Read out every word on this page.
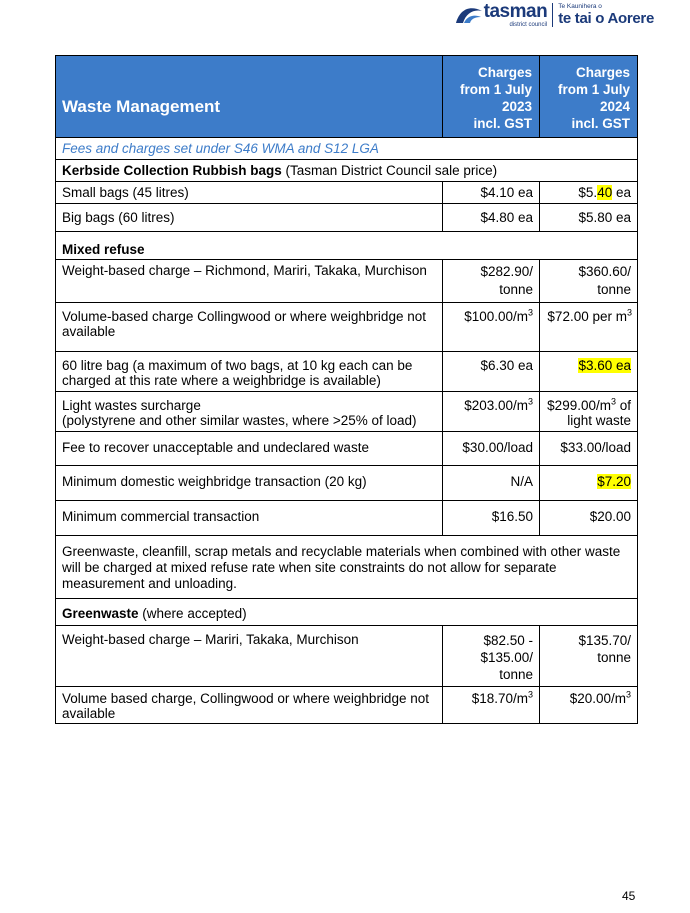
tasman
district council
Te Kaunihera o
te tai o Aorere
Waste Management	Charges
from 1 July
2023
incl. GST	Charges
from 1 July
2024
incl. GST
Fees and charges set under S46 WMA and S12 LGA		
Kerbside Collection Rubbish bags (Tasman District Council sale price)		
Small bags (45 litres)	$4.10 ea	$5.40 ea
Big bags (60 litres)	$4.80 ea	$5.80 ea
Mixed refuse		
Weight-based charge – Richmond, Mariri, Takaka, Murchison	$282.90/ tonne	$360.60/ tonne
Volume-based charge Collingwood or where weighbridge not available	$\$100.00/m^3$	$72.00 per $m^3$
60 litre bag (a maximum of two bags, at 10 kg each can be charged at this rate where a weighbridge is available)	$6.30 ea	$3.60 ea
Light wastes surcharge
(polystyrene and other similar wastes, where >25% of load)	$\$203.00/m^3$	$\$299.00/m^3$ of light waste
Fee to recover unacceptable and undeclared waste	$30.00/load	$33.00/load
Minimum domestic weighbridge transaction (20 kg)	N/A	$7.20
Minimum commercial transaction	$16.50	$20.00
Greenwaste, cleanfill, scrap metals and recyclable materials when combined with other waste will be charged at mixed refuse rate when site constraints do not allow for separate measurement and unloading.		
Greenwaste (where accepted)		
Weight-based charge – Mariri, Takaka, Murchison	$82.50 - $135.00/ tonne	$135.70/ tonne
Volume based charge, Collingwood or where weighbridge not available	$\$18.70/m^3$	$\$20.00/m^3$
45
